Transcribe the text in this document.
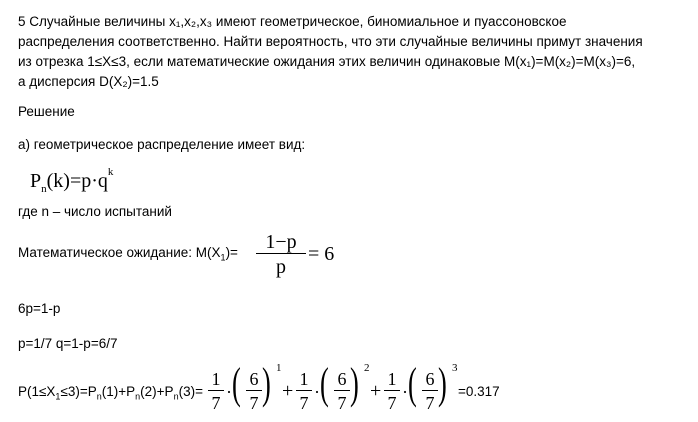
5 Случайные величины x₁,x₂,x₃ имеют геометрическое, биномиальное и пуассоновское
распределения соответственно. Найти вероятность, что эти случайные величины примут значения
из отрезка 1≤X≤3, если математические ожидания этих величин одинаковые M(x₁)=M(x₂)=M(x₃)=6,
а дисперсия D(X₂)=1.5
Решение
а) геометрическое распределение имеет вид:
$P_n(k)=p\cdot q^k$
где n – число испытаний
Математическое ожидание: $M(X_1)=$	1−p
p
= 6
6p=1-p
p=1/7 q=1-p=6/7
$P(1\le X_1\le 3)=P_n(1)+P_n(2)+P_n(3)=$
1
7
· ( 6
7 ) 1
+
1
7
· ( 6
7 ) 2
+
1
7
· ( 6
7 ) 3
=0.317
